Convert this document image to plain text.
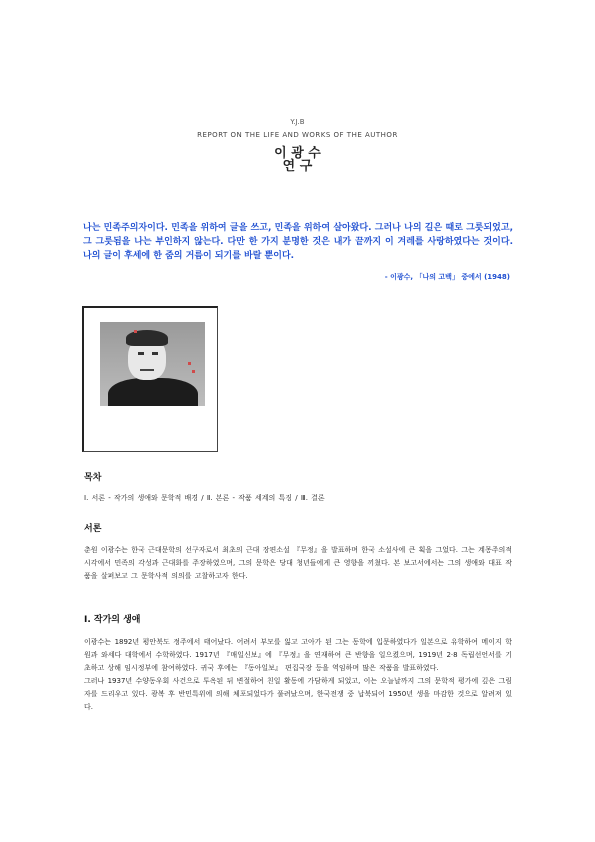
Y.J.B
REPORT ON THE LIFE AND WORKS OF THE AUTHOR
이 광 수
연 구
나는 민족주의자이다. 민족을 위하여 글을 쓰고, 민족을 위하여 살아왔다. 그러나 나의 길은 때로 그릇되었고, 그 그릇됨을 나는 부인하지 않는다. 다만 한 가지 분명한 것은 내가 끝까지 이 겨레를 사랑하였다는 것이다. 나의 글이 후세에 한 줌의 거름이 되기를 바랄 뿐이다.
- 이광수, 「나의 고백」 중에서 (1948)
목차
Ⅰ. 서론 - 작가의 생애와 문학적 배경 / Ⅱ. 본론 - 작품 세계의 특징 / Ⅲ. 결론
서론
춘원 이광수는 한국 근대문학의 선구자로서 최초의 근대 장편소설 『무정』을 발표하며 한국 소설사에 큰 획을 그었다. 그는 계몽주의적 시각에서 민족의 각성과 근대화를 주장하였으며, 그의 문학은 당대 청년들에게 큰 영향을 끼쳤다. 본 보고서에서는 그의 생애와 대표 작품을 살펴보고 그 문학사적 의의를 고찰하고자 한다.
Ⅰ. 작가의 생애
이광수는 1892년 평안북도 정주에서 태어났다. 어려서 부모를 잃고 고아가 된 그는 동학에 입문하였다가 일본으로 유학하여 메이지 학원과 와세다 대학에서 수학하였다. 1917년 『매일신보』에 『무정』을 연재하여 큰 반향을 일으켰으며, 1919년 2·8 독립선언서를 기초하고 상해 임시정부에 참여하였다. 귀국 후에는 『동아일보』 편집국장 등을 역임하며 많은 작품을 발표하였다.
그러나 1937년 수양동우회 사건으로 투옥된 뒤 변절하여 친일 활동에 가담하게 되었고, 이는 오늘날까지 그의 문학적 평가에 깊은 그림자를 드리우고 있다. 광복 후 반민특위에 의해 체포되었다가 풀려났으며, 한국전쟁 중 납북되어 1950년 생을 마감한 것으로 알려져 있다.
